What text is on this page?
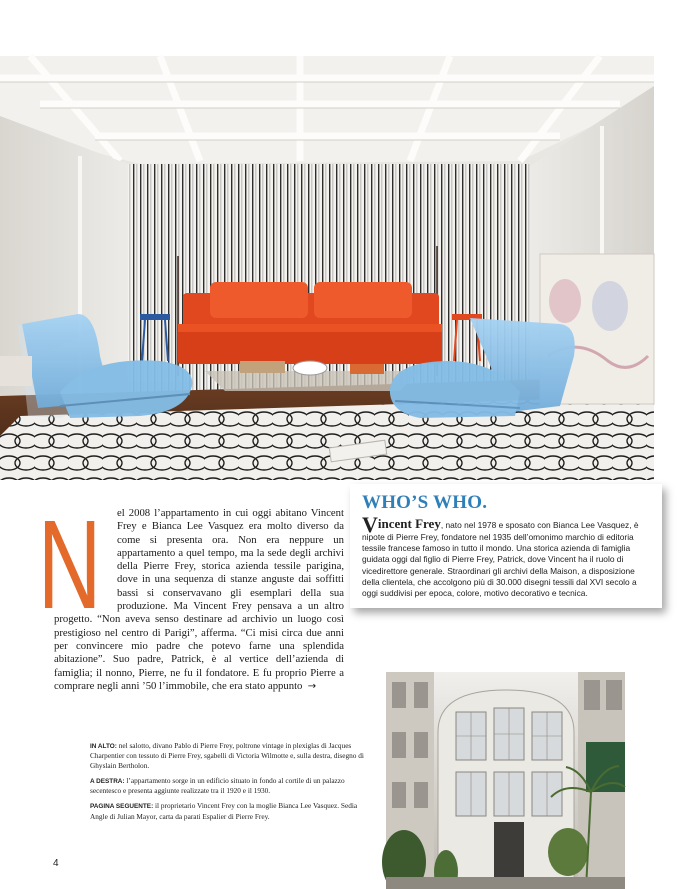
WHO’S WHO.

Vincent Frey, nato nel 1978 e sposato con Bianca Lee Vasquez, è nipote di Pierre Frey, fondatore nel 1935 dell’omonimo marchio di editoria tessile francese famoso in tutto il mondo. Una storica azienda di famiglia guidata oggi dal figlio di Pierre Frey, Patrick, dove Vincent ha il ruolo di vicedirettore generale. Straordinari gli archivi della Maison, a disposizione della clientela, che accolgono più di 30.000 disegni tessili dal XVI secolo a oggi suddivisi per epoca, colore, motivo decorativo e tecnica.

N	el 2008 l’appartamento in cui oggi abitano Vincent Frey e Bianca Lee Vasquez era molto diverso da come si presenta ora. Non era neppure un appartamento a quel tempo, ma la sede degli archivi della Pierre Frey, storica azienda tessile parigina, dove in una sequenza di stanze anguste dai soffitti bassi si conservavano gli esemplari della sua produzione. Ma Vincent Frey pensava a un altro progetto. “Non aveva senso destinare ad archivio un luogo così prestigioso nel centro di Parigi”, afferma. “Ci misi circa due anni per convincere mio padre che potevo farne una splendida abitazione”. Suo padre, Patrick, è al vertice dell’azienda di famiglia; il nonno, Pierre, ne fu il fondatore. E fu proprio Pierre a comprare negli anni ’50 l’immobile, che era stato appunto →

IN ALTO: nel salotto, divano Pablo di Pierre Frey, poltrone vintage in plexiglas di Jacques Charpentier con tessuto di Pierre Frey, sgabelli di Victoria Wilmotte e, sulla destra, disegno di Ghyslain Bertholon.

A DESTRA: l’appartamento sorge in un edificio situato in fondo al cortile di un palazzo secentesco e presenta aggiunte realizzate tra il 1920 e il 1930.

PAGINA SEGUENTE: il proprietario Vincent Frey con la moglie Bianca Lee Vasquez. Sedia Angle di Julian Mayor, carta da parati Espalier di Pierre Frey.

4
